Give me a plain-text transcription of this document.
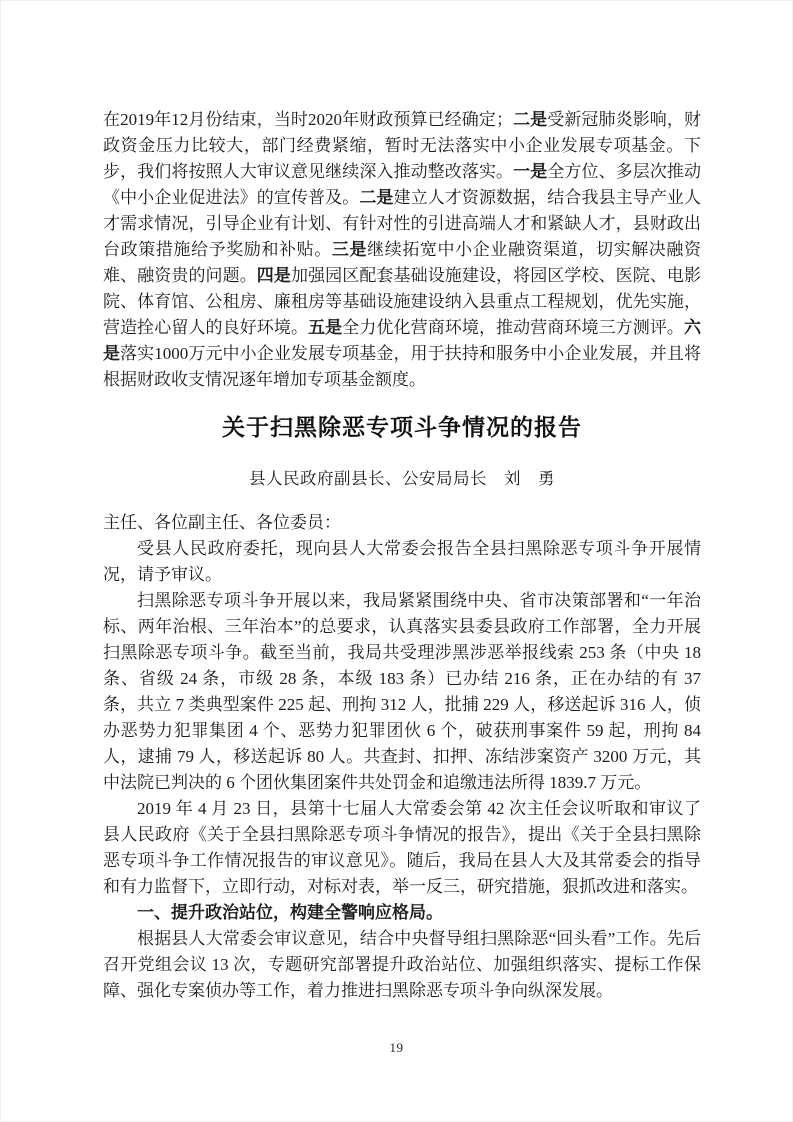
在2019年12月份结束，当时2020年财政预算已经确定；二是受新冠肺炎影响，财政资金压力比较大，部门经费紧缩，暂时无法落实中小企业发展专项基金。下步，我们将按照人大审议意见继续深入推动整改落实。一是全方位、多层次推动《中小企业促进法》的宣传普及。二是建立人才资源数据，结合我县主导产业人才需求情况，引导企业有计划、有针对性的引进高端人才和紧缺人才，县财政出台政策措施给予奖励和补贴。三是继续拓宽中小企业融资渠道，切实解决融资难、融资贵的问题。四是加强园区配套基础设施建设，将园区学校、医院、电影院、体育馆、公租房、廉租房等基础设施建设纳入县重点工程规划，优先实施，营造拴心留人的良好环境。五是全力优化营商环境，推动营商环境三方测评。六是落实1000万元中小企业发展专项基金，用于扶持和服务中小企业发展，并且将根据财政收支情况逐年增加专项基金额度。

关于扫黑除恶专项斗争情况的报告

县人民政府副县长、公安局局长　刘　勇

主任、各位副主任、各位委员：

受县人民政府委托，现向县人大常委会报告全县扫黑除恶专项斗争开展情况，请予审议。

扫黑除恶专项斗争开展以来，我局紧紧围绕中央、省市决策部署和“一年治标、两年治根、三年治本”的总要求，认真落实县委县政府工作部署，全力开展扫黑除恶专项斗争。截至当前，我局共受理涉黑涉恶举报线索 253 条（中央 18 条、省级 24 条，市级 28 条，本级 183 条）已办结 216 条，正在办结的有 37 条，共立 7 类典型案件 225 起、刑拘 312 人，批捕 229 人，移送起诉 316 人，侦办恶势力犯罪集团 4 个、恶势力犯罪团伙 6 个，破获刑事案件 59 起，刑拘 84 人，逮捕 79 人，移送起诉 80 人。共查封、扣押、冻结涉案资产 3200 万元，其中法院已判决的 6 个团伙集团案件共处罚金和追缴违法所得 1839.7 万元。

2019 年 4 月 23 日，县第十七届人大常委会第 42 次主任会议听取和审议了县人民政府《关于全县扫黑除恶专项斗争情况的报告》，提出《关于全县扫黑除恶专项斗争工作情况报告的审议意见》。随后，我局在县人大及其常委会的指导和有力监督下，立即行动，对标对表，举一反三，研究措施，狠抓改进和落实。

一、提升政治站位，构建全警响应格局。

根据县人大常委会审议意见，结合中央督导组扫黑除恶“回头看”工作。先后召开党组会议 13 次，专题研究部署提升政治站位、加强组织落实、提标工作保障、强化专案侦办等工作，着力推进扫黑除恶专项斗争向纵深发展。

19
